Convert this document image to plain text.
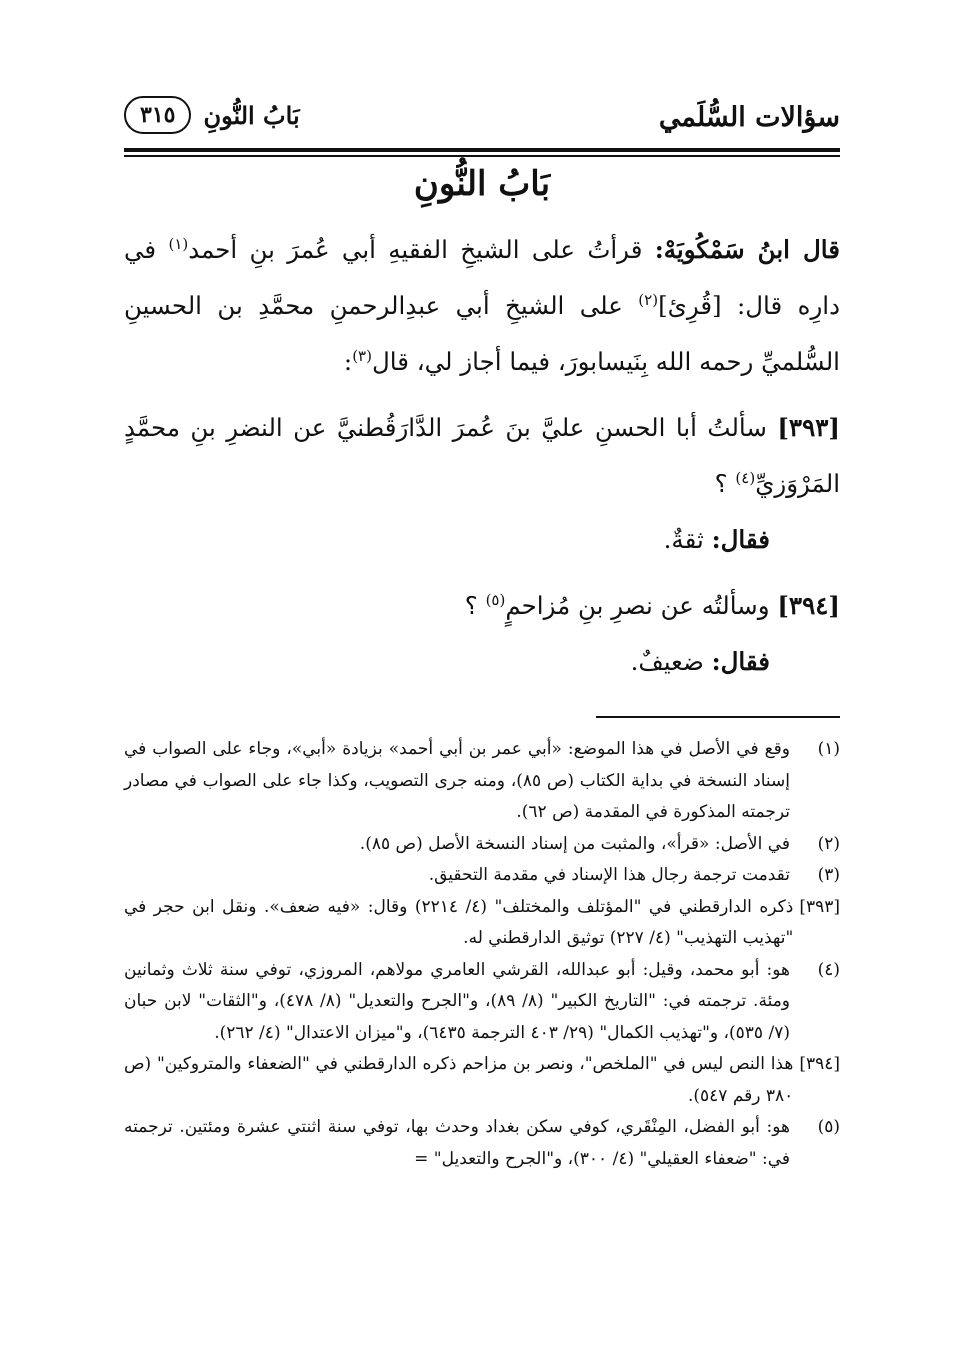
سؤالات السُّلَمي
بَابُ النُّونِ
٣١٥
بَابُ النُّونِ

قال ابنُ سَمْكُويَهْ: قرأتُ على الشيخِ الفقيهِ أبي عُمرَ بنِ أحمد$^{(١)}$ في دارِه قال: [قُرِئ]$^{(٢)}$ على الشيخِ أبي عبدِالرحمنِ محمَّدِ بن الحسينِ السُّلميِّ رحمه الله بِنَيسابورَ، فيما أجاز لي، قال$^{(٣)}$:

[٣٩٣] سألتُ أبا الحسنِ عليَّ بنَ عُمرَ الدَّارَقُطنيَّ عن النضرِ بنِ محمَّدٍ المَرْوَزيِّ$^{(٤)}$ ؟

فقال: ثقةٌ.

[٣٩٤] وسألتُه عن نصرِ بنِ مُزاحمٍ$^{(٥)}$ ؟

فقال: ضعيفٌ.

(١)
وقع في الأصل في هذا الموضع: «أبي عمر بن أبي أحمد» بزيادة «أبي»، وجاء على الصواب في إسناد النسخة في بداية الكتاب (ص ٨٥)، ومنه جرى التصويب، وكذا جاء على الصواب في مصادر ترجمته المذكورة في المقدمة (ص ٦٢).
(٢)
في الأصل: «قرأ»، والمثبت من إسناد النسخة الأصل (ص ٨٥).
(٣)
تقدمت ترجمة رجال هذا الإسناد في مقدمة التحقيق.
[٣٩٣]
ذكره الدارقطني في "المؤتلف والمختلف" (٤/ ٢٢١٤) وقال: «فيه ضعف». ونقل ابن حجر في "تهذيب التهذيب" (٤/ ٢٢٧) توثيق الدارقطني له.
(٤)
هو: أبو محمد، وقيل: أبو عبدالله، القرشي العامري مولاهم، المروزي، توفي سنة ثلاث وثمانين ومئة. ترجمته في: "التاريخ الكبير" (٨/ ٨٩)، و"الجرح والتعديل" (٨/ ٤٧٨)، و"الثقات" لابن حبان (٧/ ٥٣٥)، و"تهذيب الكمال" (٢٩/ ٤٠٣ الترجمة ٦٤٣٥)، و"ميزان الاعتدال" (٤/ ٢٦٢).
[٣٩٤]
هذا النص ليس في "الملخص"، ونصر بن مزاحم ذكره الدارقطني في "الضعفاء والمتروكين" (ص ٣٨٠ رقم ٥٤٧).
(٥)
هو: أبو الفضل، المِنْقَري، كوفي سكن بغداد وحدث بها، توفي سنة اثنتي عشرة ومئتين. ترجمته في: "ضعفاء العقيلي" (٤/ ٣٠٠)، و"الجرح والتعديل" =
